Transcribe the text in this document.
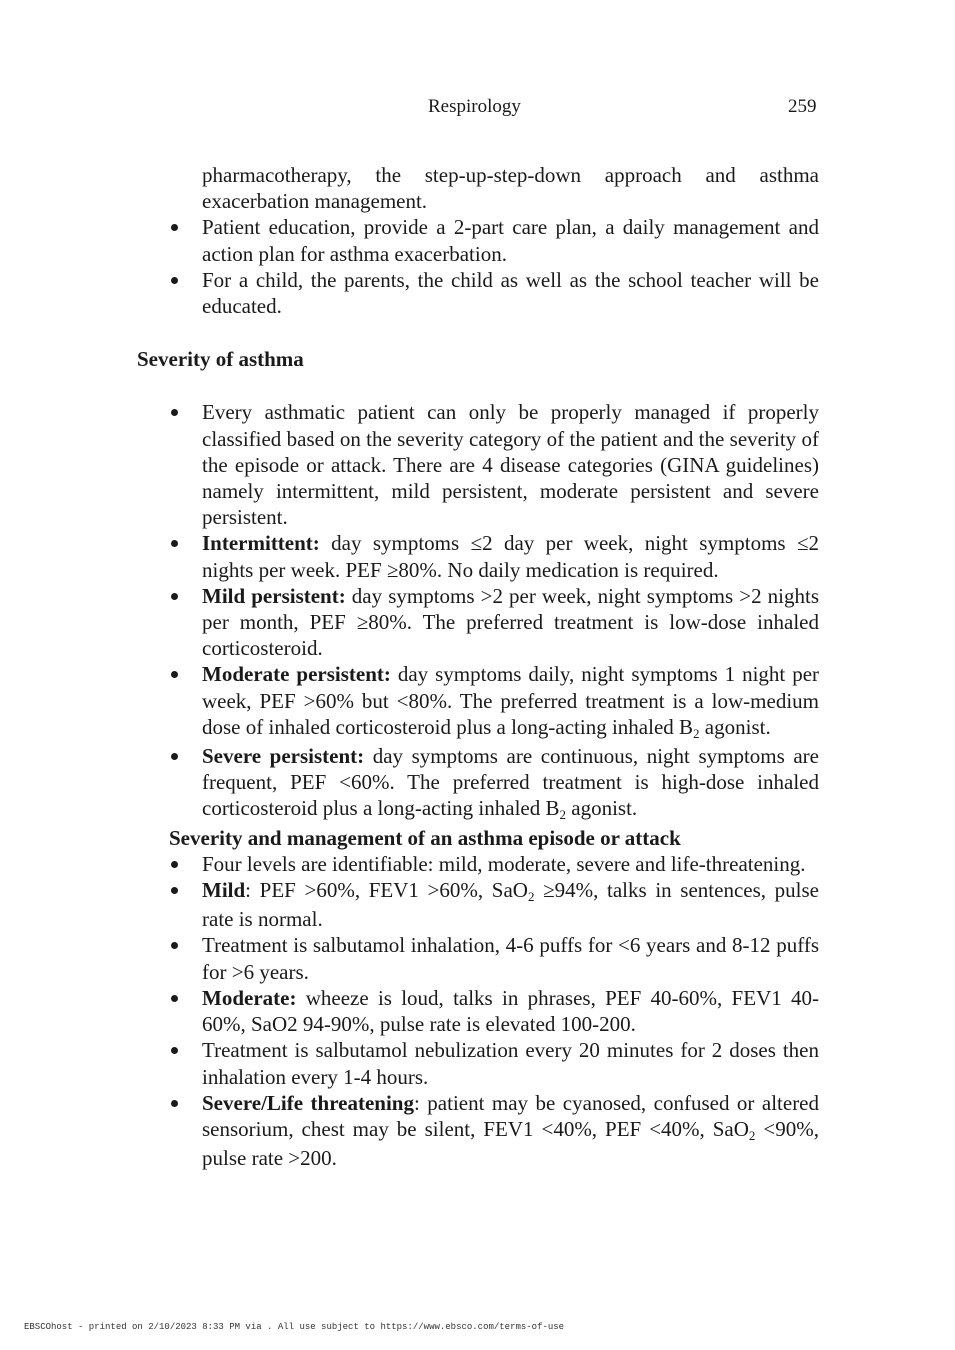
Respirology	259
pharmacotherapy, the step-up-step-down approach and asthma exacerbation management.
Patient education, provide a 2-part care plan, a daily management and action plan for asthma exacerbation.
For a child, the parents, the child as well as the school teacher will be educated.
Severity of asthma
Every asthmatic patient can only be properly managed if properly classified based on the severity category of the patient and the severity of the episode or attack. There are 4 disease categories (GINA guidelines) namely intermittent, mild persistent, moderate persistent and severe persistent.
Intermittent: day symptoms ≤2 day per week, night symptoms ≤2 nights per week. PEF ≥80%. No daily medication is required.
Mild persistent: day symptoms >2 per week, night symptoms >2 nights per month, PEF ≥80%. The preferred treatment is low-dose inhaled corticosteroid.
Moderate persistent: day symptoms daily, night symptoms 1 night per week, PEF >60% but <80%. The preferred treatment is a low-medium dose of inhaled corticosteroid plus a long-acting inhaled $B_2$ agonist.
Severe persistent: day symptoms are continuous, night symptoms are frequent, PEF <60%. The preferred treatment is high-dose inhaled corticosteroid plus a long-acting inhaled $B_2$ agonist.
Severity and management of an asthma episode or attack
Four levels are identifiable: mild, moderate, severe and life-threatening.
Mild: PEF >60%, FEV1 >60%, SaO$_2$ ≥94%, talks in sentences, pulse rate is normal.
Treatment is salbutamol inhalation, 4-6 puffs for <6 years and 8-12 puffs for >6 years.
Moderate: wheeze is loud, talks in phrases, PEF 40-60%, FEV1 40-60%, SaO2 94-90%, pulse rate is elevated 100-200.
Treatment is salbutamol nebulization every 20 minutes for 2 doses then inhalation every 1-4 hours.
Severe/Life threatening: patient may be cyanosed, confused or altered sensorium, chest may be silent, FEV1 <40%, PEF <40%, SaO$_2$ <90%, pulse rate >200.
EBSCOhost - printed on 2/10/2023 8:33 PM via . All use subject to https://www.ebsco.com/terms-of-use
